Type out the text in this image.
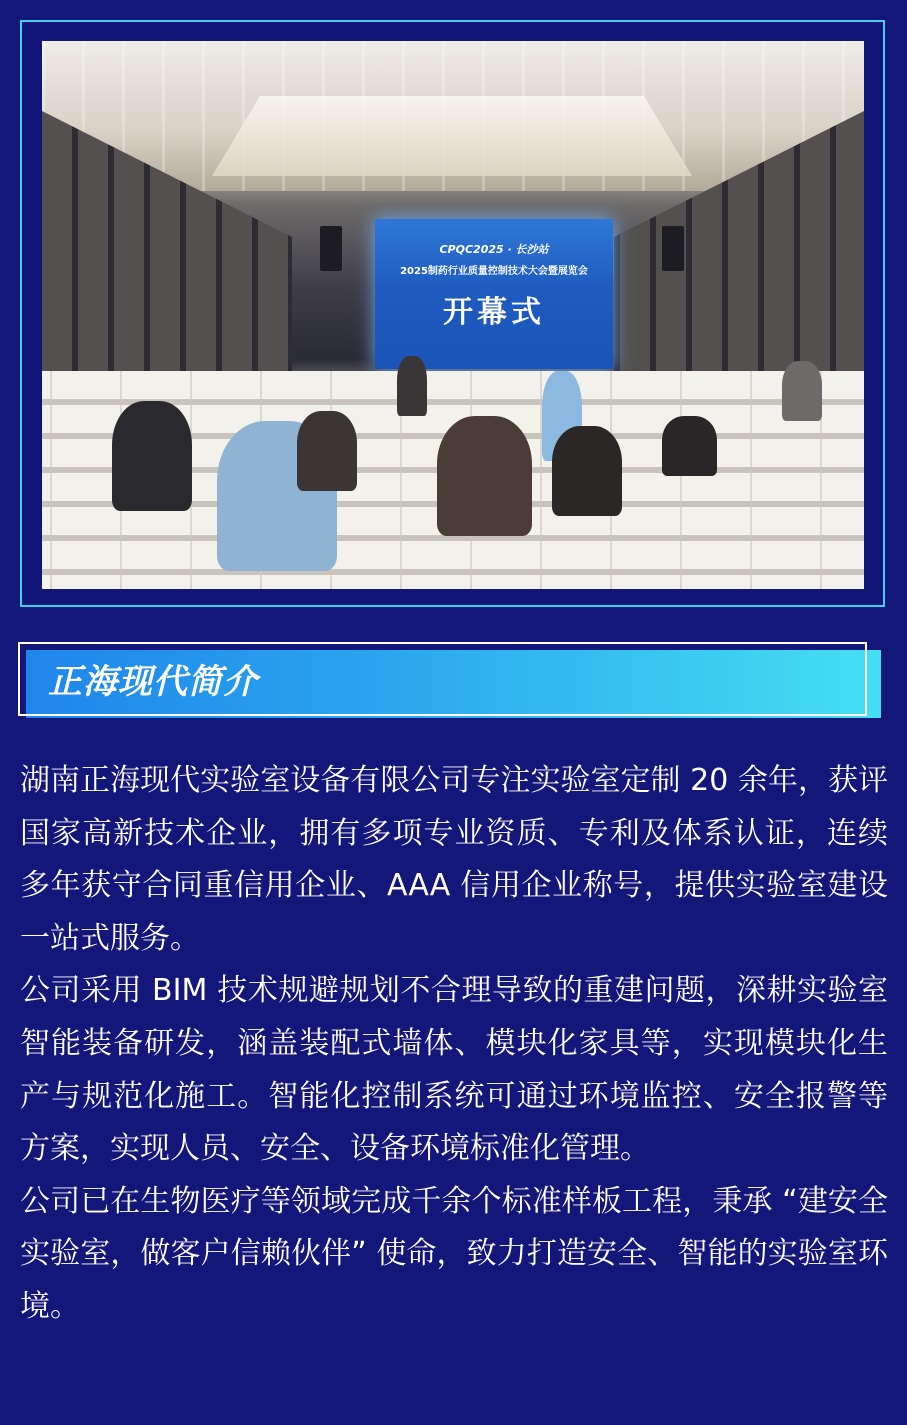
CPQC2025 · 长沙站
2025制药行业质量控制技术大会暨展览会
开幕式
正海现代简介

湖南正海现代实验室设备有限公司专注实验室定制 20 余年，获评国家高新技术企业，拥有多项专业资质、专利及体系认证，连续多年获守合同重信用企业、AAA 信用企业称号，提供实验室建设一站式服务。

公司采用 BIM 技术规避规划不合理导致的重建问题，深耕实验室智能装备研发，涵盖装配式墙体、模块化家具等，实现模块化生产与规范化施工。智能化控制系统可通过环境监控、安全报警等方案，实现人员、安全、设备环境标准化管理。

公司已在生物医疗等领域完成千余个标准样板工程，秉承 “建安全实验室，做客户信赖伙伴” 使命，致力打造安全、智能的实验室环境。
